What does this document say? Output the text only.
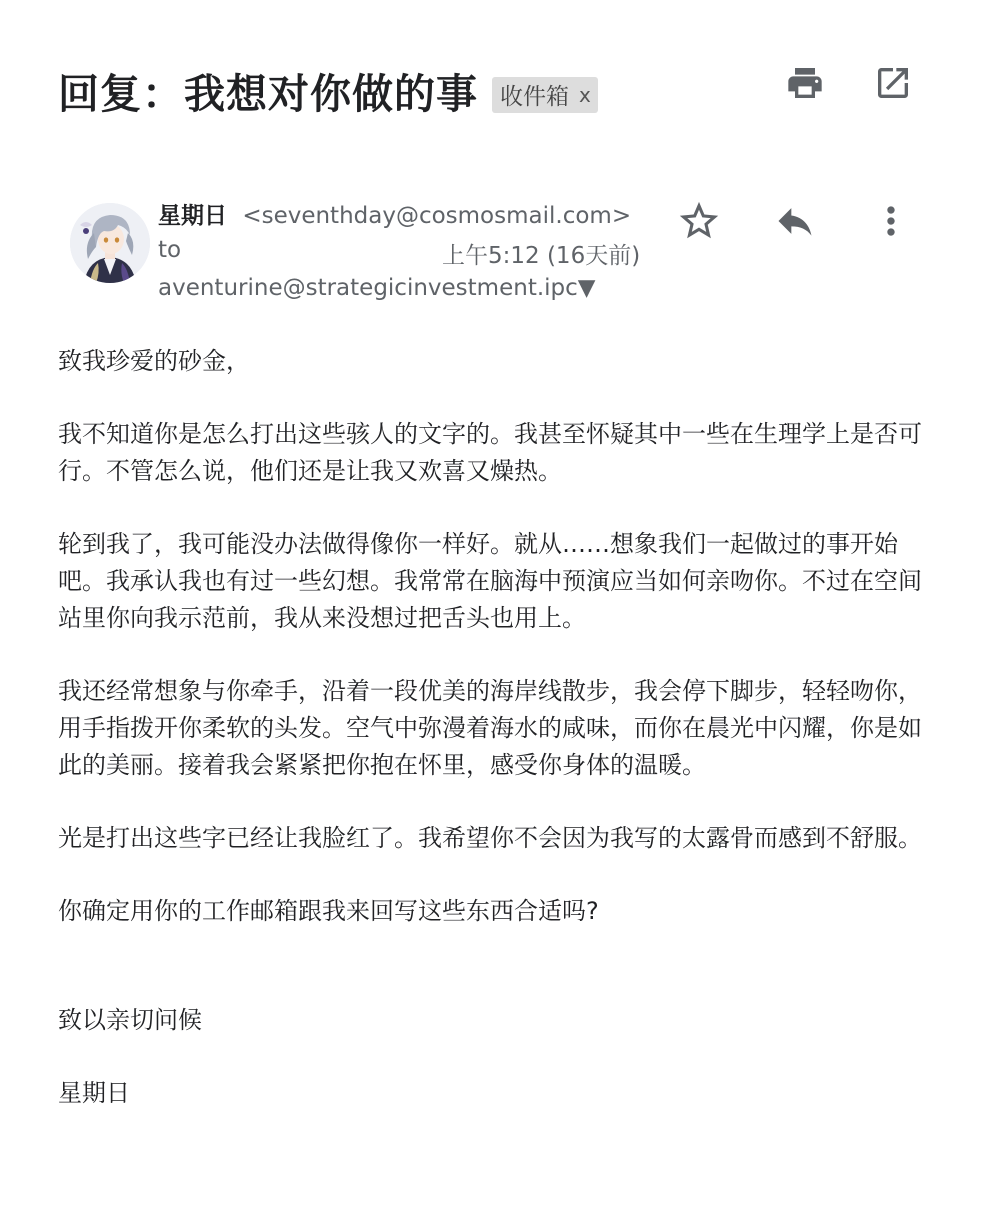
回复：我想对你做的事 收件箱 x
星期日 <seventhday@cosmosmail.com>
to	上午5:12 (16天前)
aventurine@strategicinvestment.ipc▼

致我珍爱的砂金，

我不知道你是怎么打出这些骇人的文字的。我甚至怀疑其中一些在生理学上是否可行。不管怎么说，他们还是让我又欢喜又燥热。

轮到我了，我可能没办法做得像你一样好。就从……想象我们一起做过的事开始吧。我承认我也有过一些幻想。我常常在脑海中预演应当如何亲吻你。不过在空间站里你向我示范前，我从来没想过把舌头也用上。

我还经常想象与你牵手，沿着一段优美的海岸线散步，我会停下脚步，轻轻吻你，用手指拨开你柔软的头发。空气中弥漫着海水的咸味，而你在晨光中闪耀，你是如此的美丽。接着我会紧紧把你抱在怀里，感受你身体的温暖。

光是打出这些字已经让我脸红了。我希望你不会因为我写的太露骨而感到不舒服。

你确定用你的工作邮箱跟我来回写这些东西合适吗?

致以亲切问候

星期日
